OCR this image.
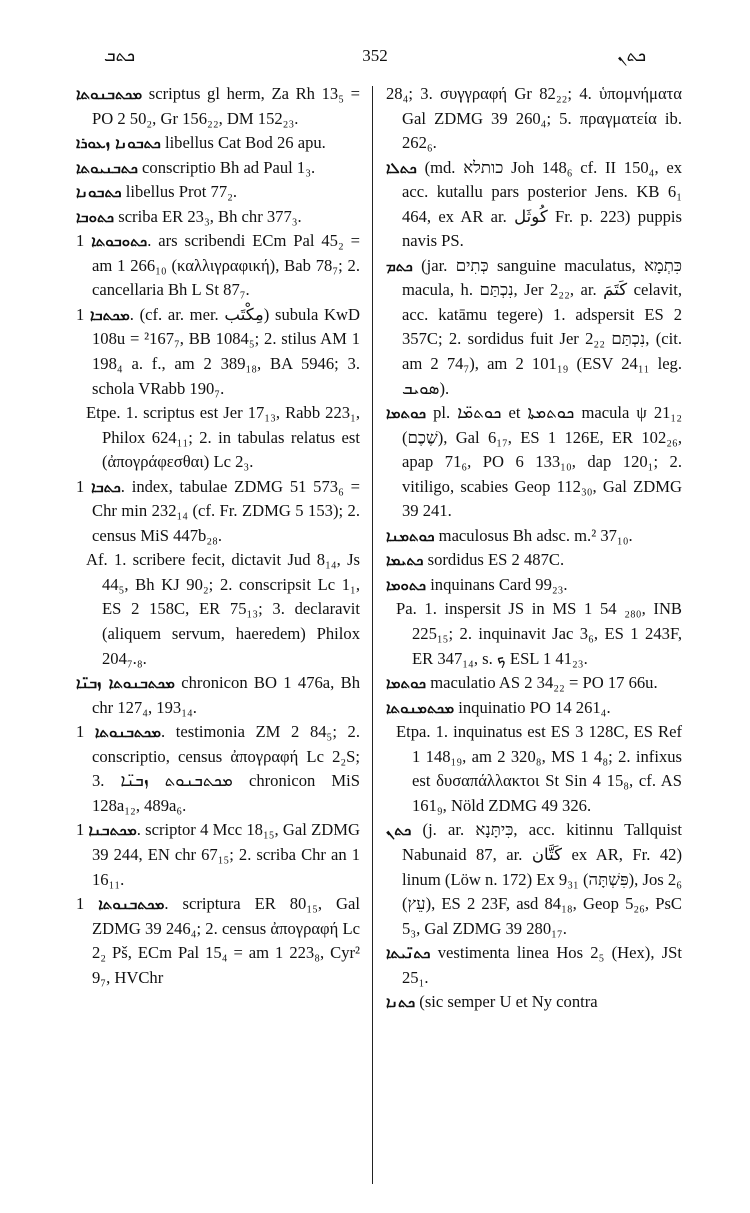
ܟܬܒ	352	ܟܬܢ

ܡܟܬܒܢܘܬܐ scriptus gl herm, Za Rh 13₅ = PO 2 50₂, Gr 156₂₂, DM 152₂₃.

ܟܬܒܘܢܐ ܙܥܘܪܐ libellus Cat Bod 26 apu.

ܟܬܒܢܝܘܬܐ conscriptio Bh ad Paul 1₃.

ܟܬܒܘܢܐ libellus Prot 77₂.

ܟܬܘܒܐ scriba ER 23₃, Bh chr 377₃.

ܟܬܘܒܘܬܐ 1. ars scribendi ECm Pal 45₂ = am 1 266₁₀ (καλλιγραφική), Bab 78₇; 2. cancellaria Bh L St 87₇.

ܡܟܬܒܐ 1. (cf. ar. mer. مِكْتَب) subula KwD 108u = ²167₇, BB 1084₅; 2. stilus AM 1 198₄ a. f., am 2 389₁₈, BA 5946; 3. schola VRabb 190₇.

Etpe. 1. scriptus est Jer 17₁₃, Rabb 223₁, Philox 624₁₁; 2. in tabulas relatus est (ἀπογράφεσθαι) Lc 2₃.

ܟܬܒܐ 1. index, tabulae ZDMG 51 573₆ = Chr min 232₁₄ (cf. Fr. ZDMG 5 153); 2. census MiS 447b₂₈.

Af. 1. scribere fecit, dictavit Jud 8₁₄, Js 44₅, Bh KJ 90₂; 2. conscripsit Lc 1₁, ES 2 158C, ER 75₁₃; 3. declaravit (aliquem servum, haeredem) Philox 204₇.₈.

ܡܟܬܒܢܘܬܐ ܙܒܢ̈ܐ chronicon BO 1 476a, Bh chr 127₄, 193₁₄.

ܡܟܬܒܢܘܬܐ 1. testimonia ZM 2 84₅; 2. conscriptio, census ἀπογραφή Lc 2₂S; 3. ܡܟܬܒܢܘܬ ܙܒܢ̈ܐ chronicon MiS 128a₁₂, 489a₆.

ܡܟܬܒܢܐ 1. scriptor 4 Mcc 18₁₅, Gal ZDMG 39 244, EN chr 67₁₅; 2. scriba Chr an 1 16₁₁.

ܡܟܬܒܢܘܬܐ 1. scriptura ER 80₁₅, Gal ZDMG 39 246₄; 2. census ἀπογραφή Lc 2₂ Pš, ECm Pal 15₄ = am 1 223₈, Cyr² 9₇, HVChr

28₄; 3. συγγραφή Gr 82₂₂; 4. ὑπομνήματα Gal ZDMG 39 260₄; 5. πραγματεία ib. 262₆.

ܟܬܠܐ (md. כותלא Joh 148₆ cf. II 150₄, ex acc. kutallu pars posterior Jens. KB 6₁ 464, ex AR ar. كُوثَل Fr. p. 223) puppis navis PS.

ܟܬܡ (jar. כְּתִים sanguine maculatus, כִּתְמָא macula, h. נִכְתַּם, Jer 2₂₂, ar. كَتَمَ celavit, acc. katāmu tegere) 1. adspersit ES 2 357C; 2. sordidus fuit Jer 2₂₂ נִכְתַּם, (cit. am 2 74₇), am 2 101₁₉ (ESV 24₁₁ leg. ܣܘܝܒ).

ܟܘܬܡܐ pl. ܟܘܬܡ̈ܐ et ܟܘܬܡܬܐ macula ψ 21₁₂ (שֶׁכֶם), Gal 6₁₇, ES 1 126E, ER 102₂₆, apap 71₆, PO 6 133₁₀, dap 120₁; 2. vitiligo, scabies Geop 112₃₀, Gal ZDMG 39 241.

ܟܘܬܡܢܐ maculosus Bh adsc. m.² 37₁₀.

ܟܬܝܡܐ sordidus ES 2 487C.

ܟܬܘܡܐ inquinans Card 99₂₃.

Pa. 1. inspersit JS in MS 1 54 ₂₈₀, INB 225₁₅; 2. inquinavit Jac 3₆, ES 1 243F, ER 347₁₄, s. ܟ ESL 1 41₂₃.

ܟܘܬܡܐ maculatio AS 2 34₂₂ = PO 17 66u.

ܡܟܬܡܢܘܬܐ inquinatio PO 14 261₄.

Etpa. 1. inquinatus est ES 3 128C, ES Ref 1 148₁₉, am 2 320₈, MS 1 4₈; 2. infixus est δυσαπάλλακτοι St Sin 4 15₈, cf. AS 161₉, Nöld ZDMG 49 326.

ܟܬܢ (j. ar. כִּיתָּנָא, acc. kitinnu Tallquist Nabunaid 87, ar. كَتَّان ex AR, Fr. 42) linum (Löw n. 172) Ex 9₃₁ (פִּשְׁתָּה), Jos 2₆ (עֵץ), ES 2 23F, asd 84₁₈, Geop 5₂₆, PsC 5₃, Gal ZDMG 39 280₁₇.

ܟܬܢ̈ܝܬܐ vestimenta linea Hos 2₅ (Hex), JSt 25₁.

ܟܬܢܐ (sic semper U et Ny contra
